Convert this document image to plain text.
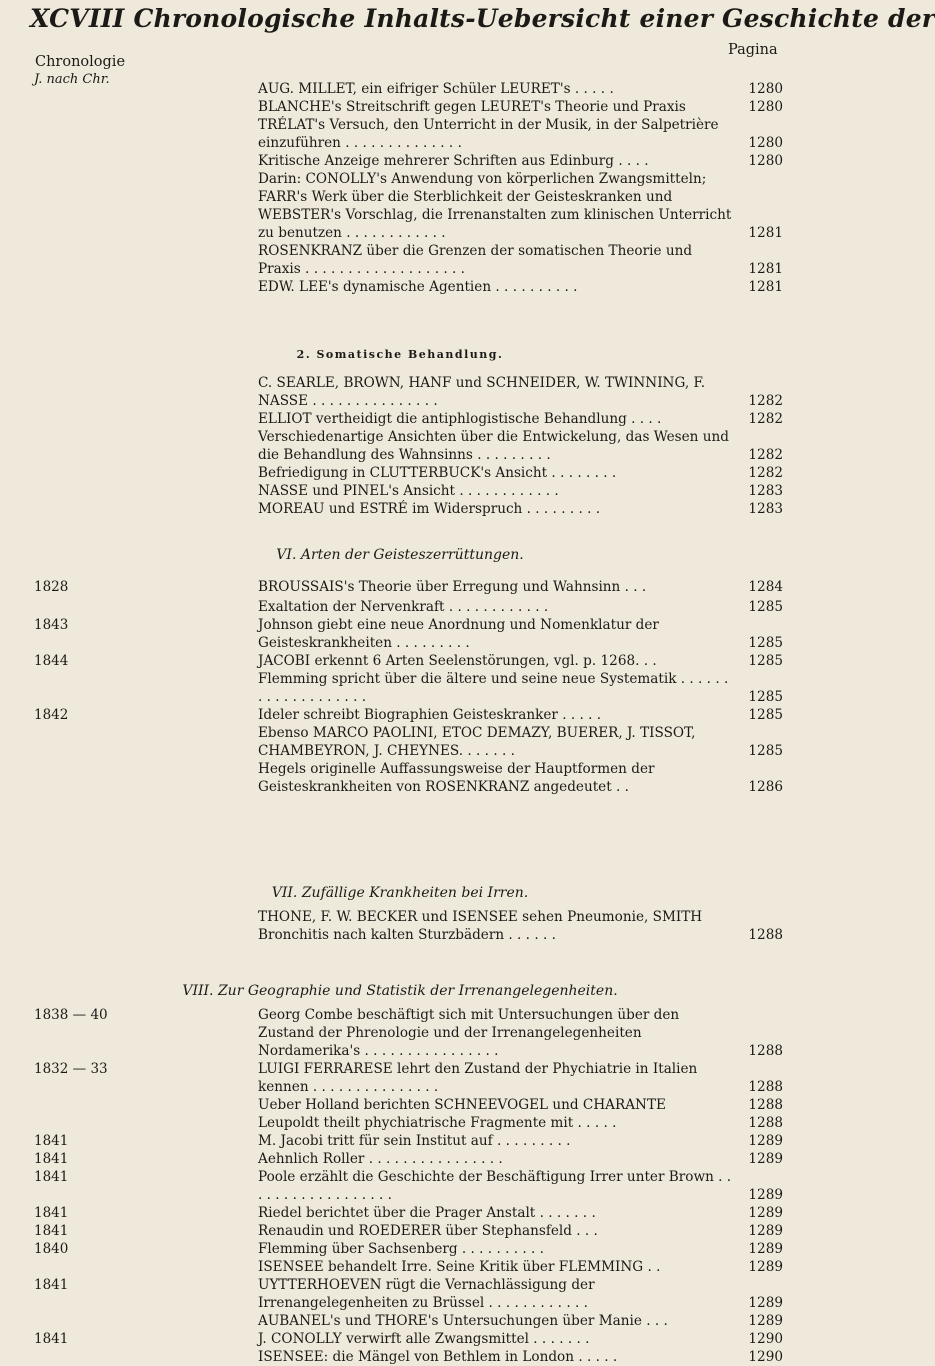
XCVIII Chronologische Inhalts-Uebersicht einer Geschichte der
Chronologie
J. nach Chr.
Pagina
2. Somatische Behandlung.
VI. Arten der Geisteszerrüttungen.
VII. Zufällige Krankheiten bei Irren.
VIII. Zur Geographie und Statistik der Irrenangelegenheiten.
AUG. MILLET, ein eifriger Schüler LEURET's . . . . .	1280
BLANCHE's Streitschrift gegen LEURET's Theorie und Praxis	1280
TRÉLAT's Versuch, den Unterricht in der Musik, in der Salpetrière einzuführen . . . . . . . . . . . . . .	1280
Kritische Anzeige mehrerer Schriften aus Edinburg . . . .	1280
Darin: CONOLLY's Anwendung von körperlichen Zwangsmitteln; FARR's Werk über die Sterblichkeit der Geisteskranken und WEBSTER's Vorschlag, die Irrenanstalten zum klinischen Unterricht zu benutzen . . . . . . . . . . . .	1281
ROSENKRANZ über die Grenzen der somatischen Theorie und Praxis . . . . . . . . . . . . . . . . . . .	1281
EDW. LEE's dynamische Agentien . . . . . . . . . .	1281
C. SEARLE, BROWN, HANF und SCHNEIDER, W. TWINNING, F. NASSE . . . . . . . . . . . . . . .	1282
ELLIOT vertheidigt die antiphlogistische Behandlung . . . .	1282
Verschiedenartige Ansichten über die Entwickelung, das Wesen und die Behandlung des Wahnsinns . . . . . . . . .	1282
Befriedigung in CLUTTERBUCK's Ansicht . . . . . . . .	1282
NASSE und PINEL's Ansicht . . . . . . . . . . . .	1283
MOREAU und ESTRÉ im Widerspruch . . . . . . . . .	1283
1828	BROUSSAIS's Theorie über Erregung und Wahnsinn . . .	1284
Exaltation der Nervenkraft . . . . . . . . . . . .	1285
1843	Johnson giebt eine neue Anordnung und Nomenklatur der Geisteskrankheiten . . . . . . . . .	1285
1844	JACOBI erkennt 6 Arten Seelenstörungen, vgl. p. 1268. . .	1285
Flemming spricht über die ältere und seine neue Systematik . . . . . . . . . . . . . . . . . . .	1285
1842	Ideler schreibt Biographien Geisteskranker . . . . .	1285
Ebenso MARCO PAOLINI, ETOC DEMAZY, BUERER, J. TISSOT, CHAMBEYRON, J. CHEYNES. . . . . . .	1285
Hegels originelle Auffassungsweise der Hauptformen der Geisteskrankheiten von ROSENKRANZ angedeutet . .	1286
THONE, F. W. BECKER und ISENSEE sehen Pneumonie, SMITH Bronchitis nach kalten Sturzbädern . . . . . .	1288
1838 — 40	Georg Combe beschäftigt sich mit Untersuchungen über den Zustand der Phrenologie und der Irrenangelegenheiten Nordamerika's . . . . . . . . . . . . . . . .	1288
1832 — 33	LUIGI FERRARESE lehrt den Zustand der Phychiatrie in Italien kennen . . . . . . . . . . . . . . .	1288
Ueber Holland berichten SCHNEEVOGEL und CHARANTE	1288
Leupoldt theilt phychiatrische Fragmente mit . . . . .	1288
1841	M. Jacobi tritt für sein Institut auf . . . . . . . . .	1289
1841	Aehnlich Roller . . . . . . . . . . . . . . . .	1289
1841	Poole erzählt die Geschichte der Beschäftigung Irrer unter Brown . . . . . . . . . . . . . . . . . .	1289
1841	Riedel berichtet über die Prager Anstalt . . . . . . .	1289
1841	Renaudin und ROEDERER über Stephansfeld . . .	1289
1840	Flemming über Sachsenberg . . . . . . . . . .	1289
ISENSEE behandelt Irre. Seine Kritik über FLEMMING . .	1289
1841	UYTTERHOEVEN rügt die Vernachlässigung der Irrenangelegenheiten zu Brüssel . . . . . . . . . . . .	1289
AUBANEL's und THORE's Untersuchungen über Manie . . .	1289
1841	J. CONOLLY verwirft alle Zwangsmittel . . . . . . .	1290
ISENSEE: die Mängel von Bethlem in London . . . . .	1290
